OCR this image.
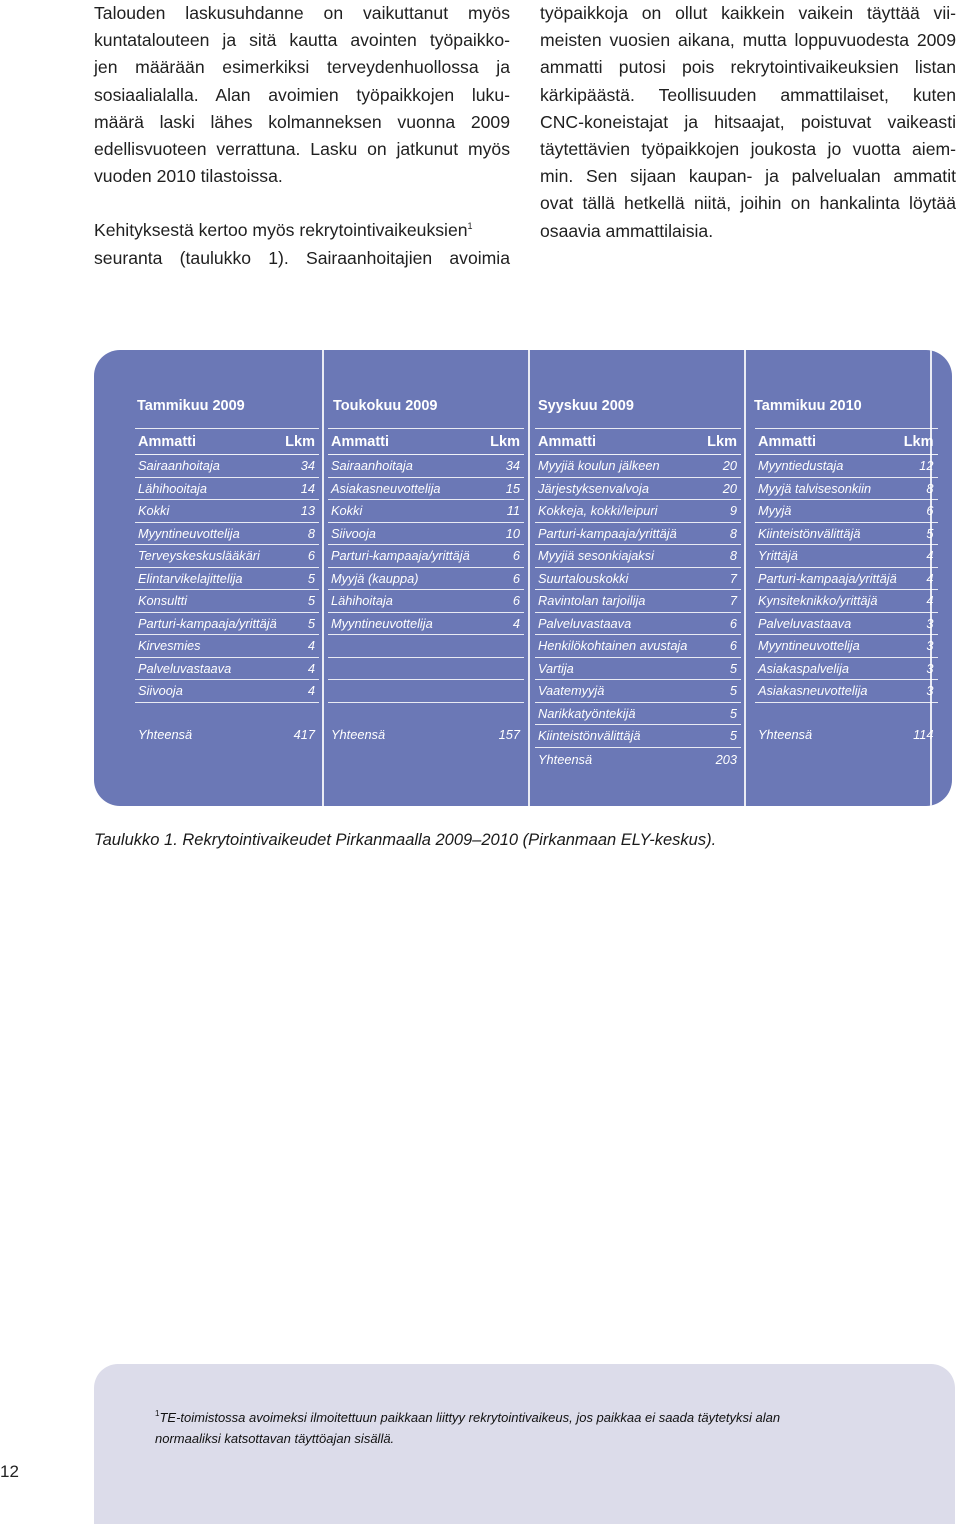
Talouden laskusuhdanne on vaikuttanut myös
kuntatalouteen ja sitä kautta avointen työpaikko-
jen määrään esimerkiksi terveydenhuollossa ja
sosiaalialalla. Alan avoimien työpaikkojen luku-
määrä laski lähes kolmanneksen vuonna 2009
edellisvuoteen verrattuna. Lasku on jatkunut myös
vuoden 2010 tilastoissa.

Kehityksestä kertoo myös rekrytointivaikeuksien$^1$
seuranta (taulukko 1). Sairaanhoitajien avoimia

työpaikkoja on ollut kaikkein vaikein täyttää vii-
meisten vuosien aikana, mutta loppuvuodesta 2009
ammatti putosi pois rekrytointivaikeuksien listan
kärkipäästä. Teollisuuden ammattilaiset, kuten
CNC-koneistajat ja hitsaajat, poistuvat vaikeasti
täytettävien työpaikkojen joukosta jo vuotta aiem-
min. Sen sijaan kaupan- ja palvelualan ammatit
ovat tällä hetkellä niitä, joihin on hankalinta löytää
osaavia ammattilaisia.

Tammikuu 2009	Toukokuu 2009	Syyskuu 2009	Tammikuu 2010
Ammatti	Lkm
Sairaanhoitaja	34
Lähihooitaja	14
Kokki	13
Myyntineuvottelija	8
Terveyskeskuslääkäri	6
Elintarvikelajittelija	5
Konsultti	5
Parturi-kampaaja/yrittäjä	5
Kirvesmies	4
Palveluvastaava	4
Siivooja	4

Yhteensä	417
Ammatti	Lkm
Sairaanhoitaja	34
Asiakasneuvottelija	15
Kokki	11
Siivooja	10
Parturi-kampaaja/yrittäjä	6
Myyjä (kauppa)	6
Lähihoitaja	6
Myyntineuvottelija	4

Yhteensä	157
Ammatti	Lkm
Myyjiä koulun jälkeen	20
Järjestyksenvalvoja	20
Kokkeja, kokki/leipuri	9
Parturi-kampaaja/yrittäjä	8
Myyjiä sesonkiajaksi	8
Suurtalouskokki	7
Ravintolan tarjoilija	7
Palveluvastaava	6
Henkilökohtainen avustaja	6
Vartija	5
Vaatemyyjä	5
Narikkatyöntekijä	5
Kiinteistönvälittäjä	5
Yhteensä	203
Ammatti	Lkm
Myyntiedustaja	12
Myyjä talvisesonkiin	8
Myyjä	6
Kiinteistönvälittäjä	5
Yrittäjä	4
Parturi-kampaaja/yrittäjä	4
Kynsiteknikko/yrittäjä	4
Palveluvastaava	3
Myyntineuvottelija	3
Asiakaspalvelija	3
Asiakasneuvottelija	3

Yhteensä	114
Taulukko 1. Rekrytointivaikeudet Pirkanmaalla 2009–2010 (Pirkanmaan ELY-keskus).
$^1$TE-toimistossa avoimeksi ilmoitettuun paikkaan liittyy rekrytointivaikeus, jos paikkaa ei saada täytetyksi alan
normaaliksi katsottavan täyttöajan sisällä.
12
